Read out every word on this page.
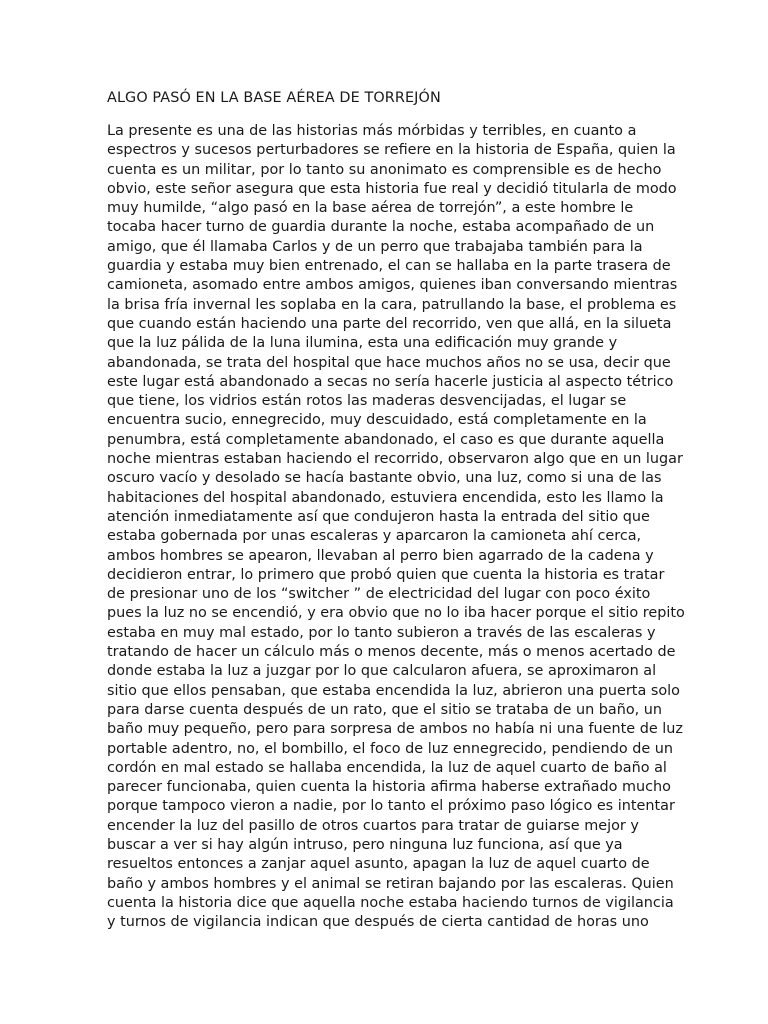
ALGO PASÓ EN LA BASE AÉREA DE TORREJÓN
La presente es una de las historias más mórbidas y terribles, en cuanto a
espectros y sucesos perturbadores se refiere en la historia de España, quien la
cuenta es un militar, por lo tanto su anonimato es comprensible es de hecho
obvio, este señor asegura que esta historia fue real y decidió titularla de modo
muy humilde, “algo pasó en la base aérea de torrejón”, a este hombre le
tocaba hacer turno de guardia durante la noche, estaba acompañado de un
amigo, que él llamaba Carlos y de un perro que trabajaba también para la
guardia y estaba muy bien entrenado, el can se hallaba en la parte trasera de
camioneta, asomado entre ambos amigos, quienes iban conversando mientras
la brisa fría invernal les soplaba en la cara, patrullando la base, el problema es
que cuando están haciendo una parte del recorrido, ven que allá, en la silueta
que la luz pálida de la luna ilumina, esta una edificación muy grande y
abandonada, se trata del hospital que hace muchos años no se usa, decir que
este lugar está abandonado a secas no sería hacerle justicia al aspecto tétrico
que tiene, los vidrios están rotos las maderas desvencijadas, el lugar se
encuentra sucio, ennegrecido, muy descuidado, está completamente en la
penumbra, está completamente abandonado, el caso es que durante aquella
noche mientras estaban haciendo el recorrido, observaron algo que en un lugar
oscuro vacío y desolado se hacía bastante obvio, una luz, como si una de las
habitaciones del hospital abandonado, estuviera encendida, esto les llamo la
atención inmediatamente así que condujeron hasta la entrada del sitio que
estaba gobernada por unas escaleras y aparcaron la camioneta ahí cerca,
ambos hombres se apearon, llevaban al perro bien agarrado de la cadena y
decidieron entrar, lo primero que probó quien que cuenta la historia es tratar
de presionar uno de los “switcher ” de electricidad del lugar con poco éxito
pues la luz no se encendió, y era obvio que no lo iba hacer porque el sitio repito
estaba en muy mal estado, por lo tanto subieron a través de las escaleras y
tratando de hacer un cálculo más o menos decente, más o menos acertado de
donde estaba la luz a juzgar por lo que calcularon afuera, se aproximaron al
sitio que ellos pensaban, que estaba encendida la luz, abrieron una puerta solo
para darse cuenta después de un rato, que el sitio se trataba de un baño, un
baño muy pequeño, pero para sorpresa de ambos no había ni una fuente de luz
portable adentro, no, el bombillo, el foco de luz ennegrecido, pendiendo de un
cordón en mal estado se hallaba encendida, la luz de aquel cuarto de baño al
parecer funcionaba, quien cuenta la historia afirma haberse extrañado mucho
porque tampoco vieron a nadie, por lo tanto el próximo paso lógico es intentar
encender la luz del pasillo de otros cuartos para tratar de guiarse mejor y
buscar a ver si hay algún intruso, pero ninguna luz funciona, así que ya
resueltos entonces a zanjar aquel asunto, apagan la luz de aquel cuarto de
baño y ambos hombres y el animal se retiran bajando por las escaleras. Quien
cuenta la historia dice que aquella noche estaba haciendo turnos de vigilancia
y turnos de vigilancia indican que después de cierta cantidad de horas uno
